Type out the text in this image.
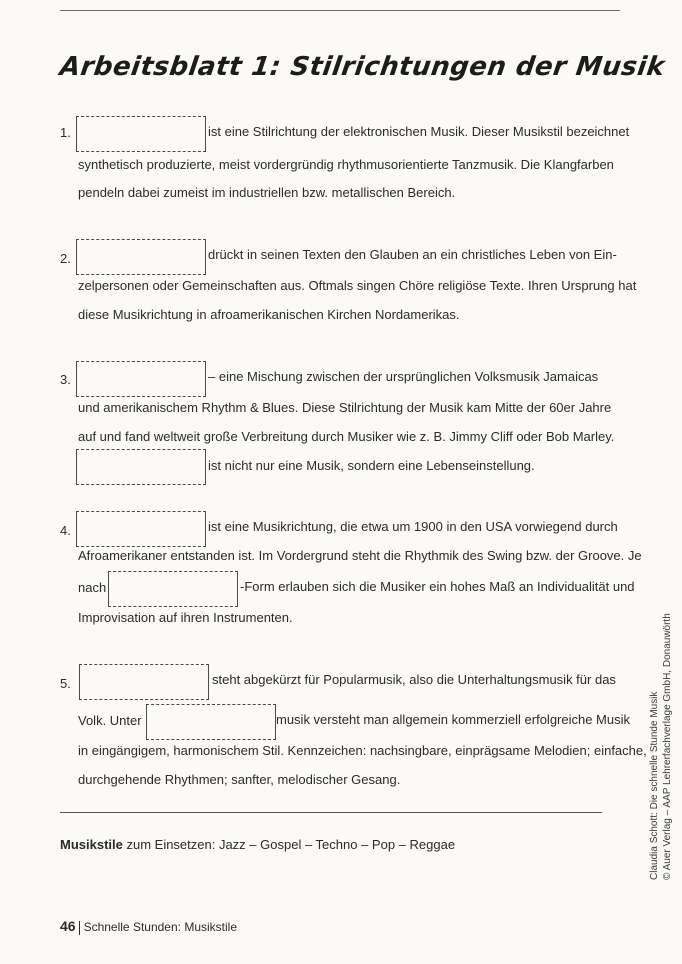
Arbeitsblatt 1: Stilrichtungen der Musik
1.	ist eine Stilrichtung der elektronischen Musik. Dieser Musikstil bezeichnet
synthetisch produzierte, meist vordergründig rhythmusorientierte Tanzmusik. Die Klangfarben
pendeln dabei zumeist im industriellen bzw. metallischen Bereich.
2.	drückt in seinen Texten den Glauben an ein christliches Leben von Ein-
zelpersonen oder Gemeinschaften aus. Oftmals singen Chöre religiöse Texte. Ihren Ursprung hat
diese Musikrichtung in afroamerikanischen Kirchen Nordamerikas.
3.	– eine Mischung zwischen der ursprünglichen Volksmusik Jamaicas
und amerikanischem Rhythm & Blues. Diese Stilrichtung der Musik kam Mitte der 60er Jahre
auf und fand weltweit große Verbreitung durch Musiker wie z. B. Jimmy Cliff oder Bob Marley.
ist nicht nur eine Musik, sondern eine Lebenseinstellung.
4.	ist eine Musikrichtung, die etwa um 1900 in den USA vorwiegend durch
Afroamerikaner entstanden ist. Im Vordergrund steht die Rhythmik des Swing bzw. der Groove. Je
nach	-Form erlauben sich die Musiker ein hohes Maß an Individualität und
Improvisation auf ihren Instrumenten.
5.	steht abgekürzt für Popularmusik, also die Unterhaltungsmusik für das
Volk. Unter	musik versteht man allgemein kommerziell erfolgreiche Musik
in eingängigem, harmonischem Stil. Kennzeichen: nachsingbare, einprägsame Melodien; einfache,
durchgehende Rhythmen; sanfter, melodischer Gesang.
Musikstile zum Einsetzen: Jazz – Gospel – Techno – Pop – Reggae
46 Schnelle Stunden: Musikstile
Claudia Schott: Die schnelle Stunde Musik © Auer Verlag – AAP Lehrerfachverlage GmbH, Donauwörth
